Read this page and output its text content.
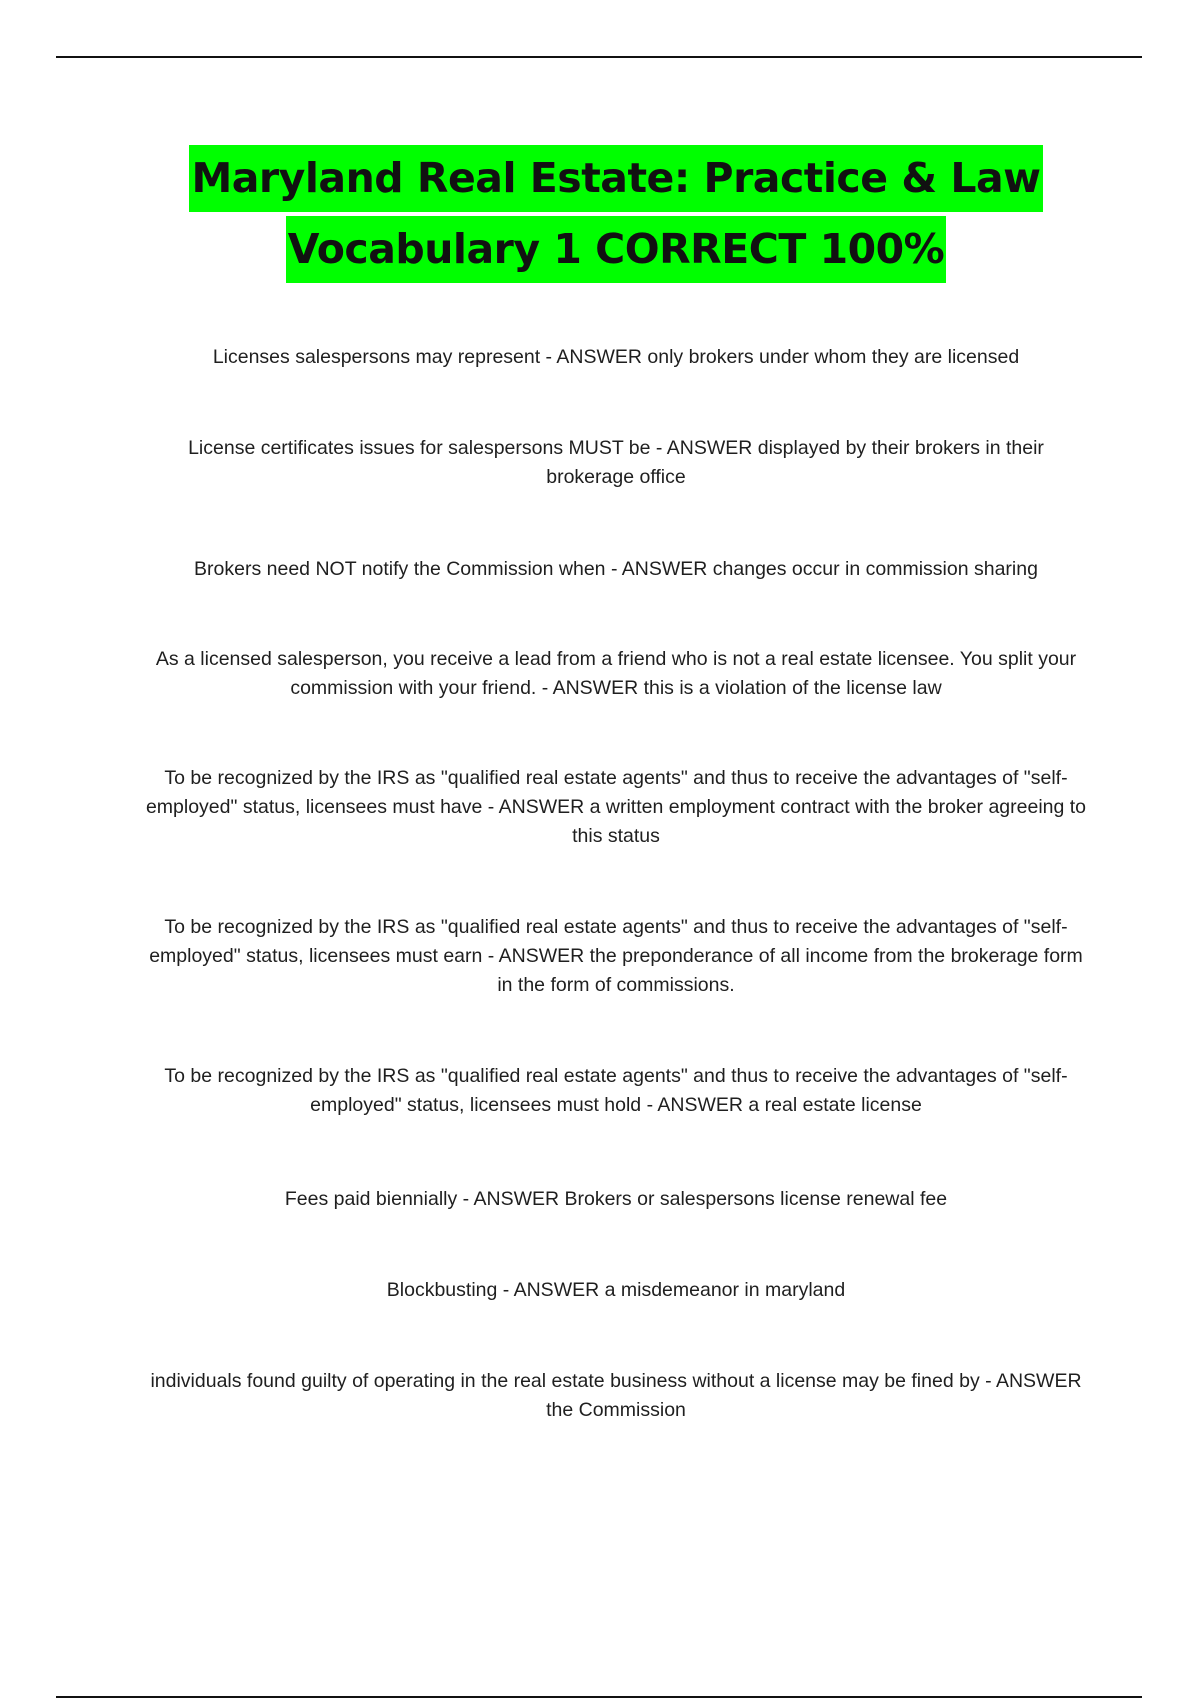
Maryland Real Estate: Practice & Law
Vocabulary 1 CORRECT 100%
Licenses salespersons may represent - ANSWER only brokers under whom they are licensed
License certificates issues for salespersons MUST be - ANSWER displayed by their brokers in their brokerage office
Brokers need NOT notify the Commission when - ANSWER changes occur in commission sharing
As a licensed salesperson, you receive a lead from a friend who is not a real estate licensee. You split your commission with your friend. - ANSWER this is a violation of the license law
To be recognized by the IRS as "qualified real estate agents" and thus to receive the advantages of "self-employed" status, licensees must have - ANSWER a written employment contract with the broker agreeing to this status
To be recognized by the IRS as "qualified real estate agents" and thus to receive the advantages of "self-employed" status, licensees must earn - ANSWER the preponderance of all income from the brokerage form in the form of commissions.
To be recognized by the IRS as "qualified real estate agents" and thus to receive the advantages of "self-employed" status, licensees must hold - ANSWER a real estate license
Fees paid biennially - ANSWER Brokers or salespersons license renewal fee
Blockbusting - ANSWER a misdemeanor in maryland
individuals found guilty of operating in the real estate business without a license may be fined by - ANSWER the Commission
